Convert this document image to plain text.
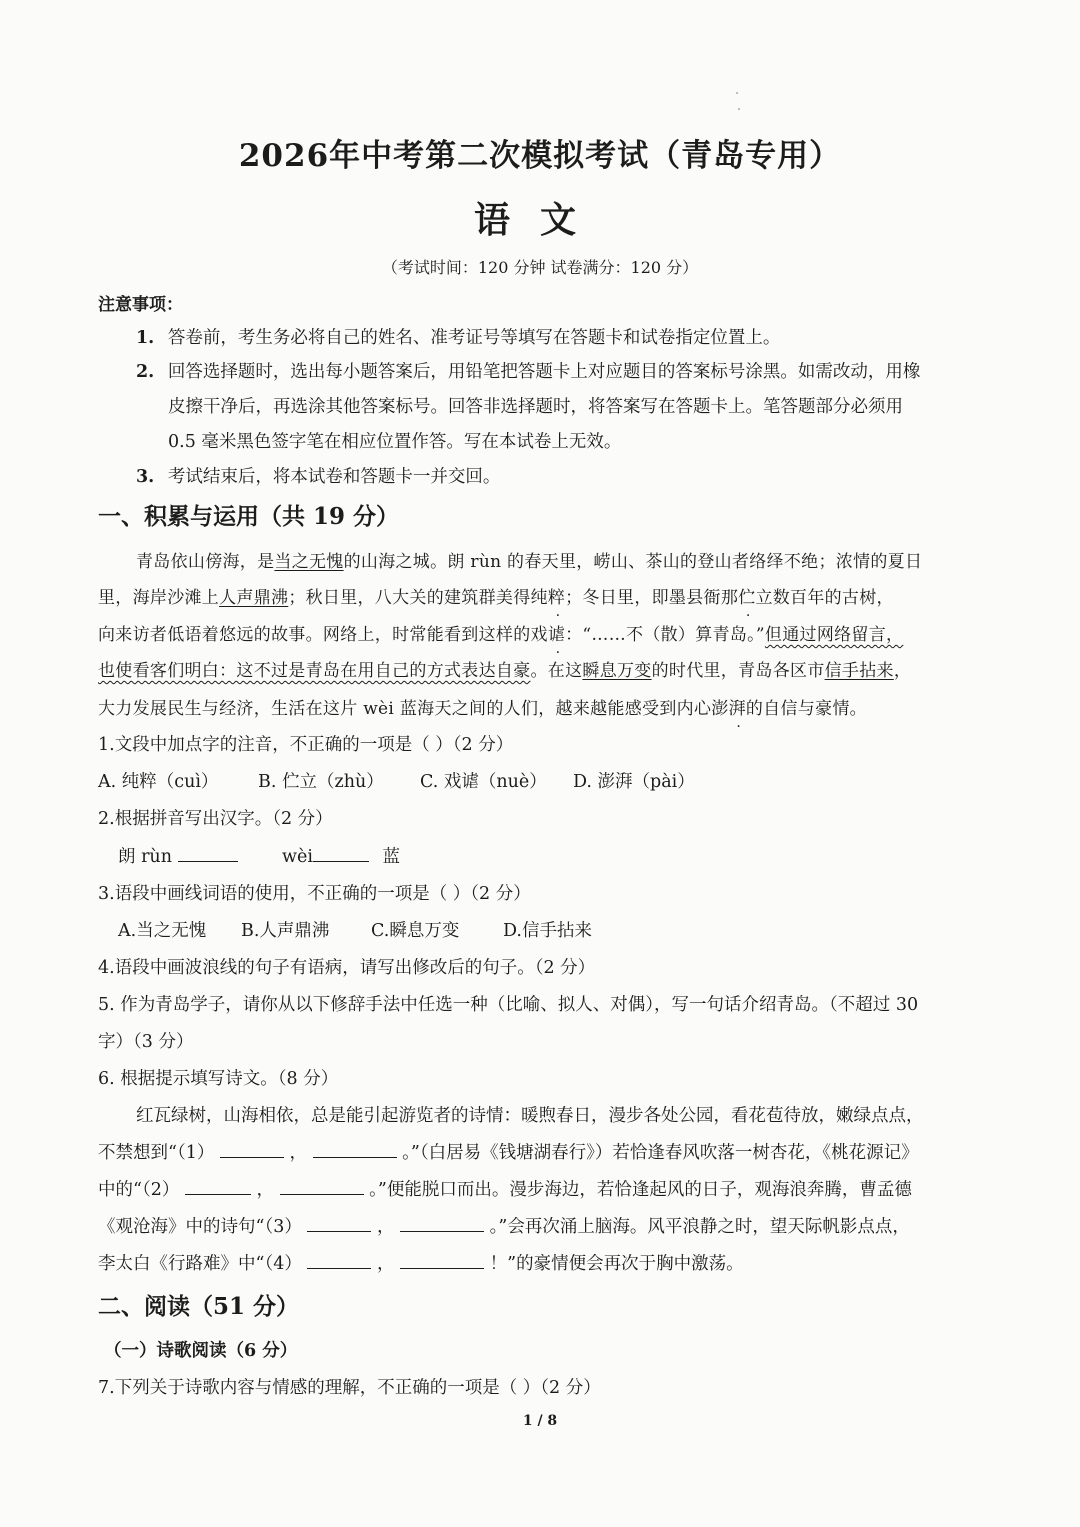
2026年中考第二次模拟考试（青岛专用）
语文
（考试时间：120 分钟 试卷满分：120 分）
注意事项：
1. 答卷前，考生务必将自己的姓名、准考证号等填写在答题卡和试卷指定位置上。
2. 回答选择题时，选出每小题答案后，用铅笔把答题卡上对应题目的答案标号涂黑。如需改动，用橡
皮擦干净后，再选涂其他答案标号。回答非选择题时，将答案写在答题卡上。笔答题部分必须用
0.5 毫米黑色签字笔在相应位置作答。写在本试卷上无效。
3. 考试结束后，将本试卷和答题卡一并交回。
一、积累与运用（共 19 分）
青岛依山傍海，是当之无愧的山海之城。朗 rùn 的春天里，崂山、茶山的登山者络绎不绝；浓情的夏日
里，海岸沙滩上人声鼎沸；秋日里，八大关的建筑群美得纯粹；冬日里，即墨县衙那伫立数百年的古树，
向来访者低语着悠远的故事。网络上，时常能看到这样的戏谑：“……不（散）算青岛。”但通过网络留言，
也使看客们明白：这不过是青岛在用自己的方式表达自豪。在这瞬息万变的时代里，青岛各区市信手拈来，
大力发展民生与经济，生活在这片 wèi 蓝海天之间的人们，越来越能感受到内心澎湃的自信与豪情。
1.文段中加点字的注音，不正确的一项是（ ）（2 分）
A. 纯粹（cuì） B. 伫立（zhù） C. 戏谑（nuè） D. 澎湃（pài）
2.根据拼音写出汉字。（2 分）
朗 rùn	wèi	蓝
3.语段中画线词语的使用，不正确的一项是（ ）（2 分）
A.当之无愧 B.人声鼎沸 C.瞬息万变 D.信手拈来
4.语段中画波浪线的句子有语病，请写出修改后的句子。（2 分）
5. 作为青岛学子，请你从以下修辞手法中任选一种（比喻、拟人、对偶），写一句话介绍青岛。（不超过 30
字）（3 分）
6. 根据提示填写诗文。（8 分）
红瓦绿树，山海相依，总是能引起游览者的诗情：暖煦春日，漫步各处公园，看花苞待放，嫩绿点点，
不禁想到“（1）	，	。”（白居易《钱塘湖春行》）若恰逢春风吹落一树杏花，《桃花源记》
中的“（2）	，	。”便能脱口而出。漫步海边，若恰逢起风的日子，观海浪奔腾，曹孟德
《观沧海》中的诗句“（3）	，	。”会再次涌上脑海。风平浪静之时，望天际帆影点点，
李太白《行路难》中“（4）	，	！”的豪情便会再次于胸中激荡。
二、阅读（51 分）
（一）诗歌阅读（6 分）
7.下列关于诗歌内容与情感的理解，不正确的一项是（ ）（2 分）
1 / 8
